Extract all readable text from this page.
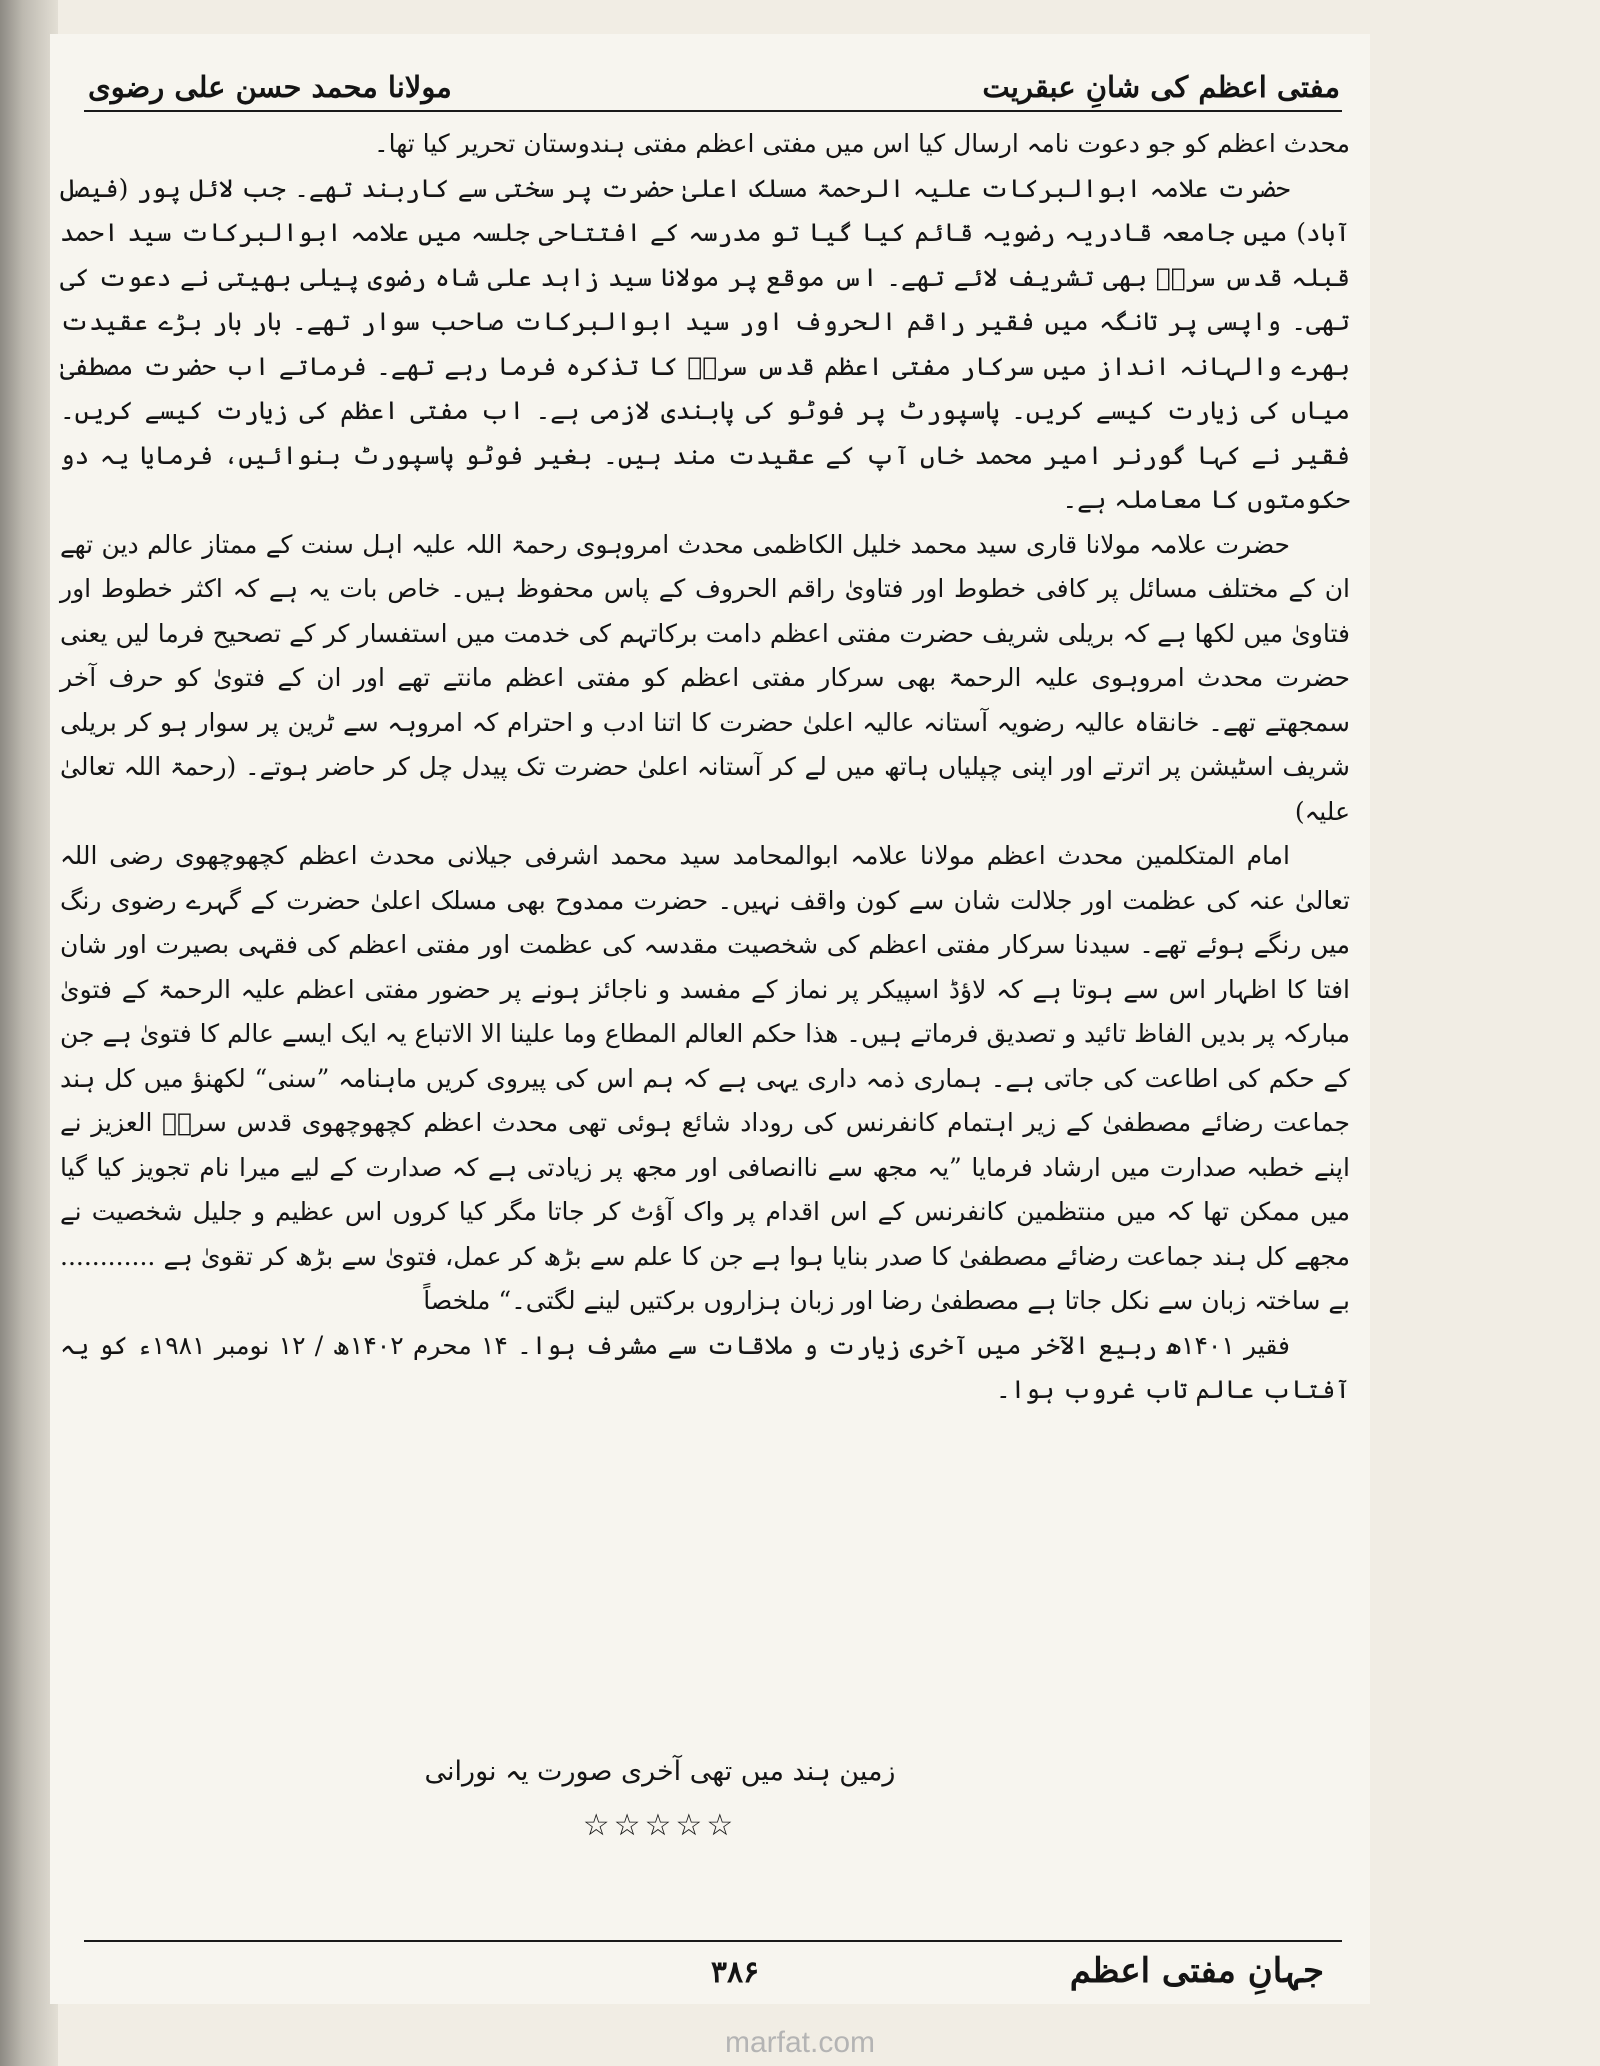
مفتی اعظم کی شانِ عبقریت
مولانا محمد حسن علی رضوی

محدث اعظم کو جو دعوت نامہ ارسال کیا اس میں مفتی اعظم مفتی ہندوستان تحریر کیا تھا۔

حضرت علامہ ابوالبرکات علیہ الرحمۃ مسلک اعلیٰ حضرت پر سختی سے کاربند تھے۔ جب لائل پور (فیصل آباد) میں جامعہ قادریہ رضویہ قائم کیا گیا تو مدرسہ کے افتتاحی جلسہ میں علامہ ابوالبرکات سید احمد قبلہ قدس سرہٗ بھی تشریف لائے تھے۔ اس موقع پر مولانا سید زاہد علی شاہ رضوی پیلی بھیتی نے دعوت کی تھی۔ واپسی پر تانگہ میں فقیر راقم الحروف اور سید ابوالبرکات صاحب سوار تھے۔ بار بار بڑے عقیدت بھرے والہانہ انداز میں سرکار مفتی اعظم قدس سرہٗ کا تذکرہ فرما رہے تھے۔ فرماتے اب حضرت مصطفیٰ میاں کی زیارت کیسے کریں۔ پاسپورٹ پر فوٹو کی پابندی لازمی ہے۔ اب مفتی اعظم کی زیارت کیسے کریں۔ فقیر نے کہا گورنر امیر محمد خاں آپ کے عقیدت مند ہیں۔ بغیر فوٹو پاسپورٹ بنوائیں، فرمایا یہ دو حکومتوں کا معاملہ ہے۔

حضرت علامہ مولانا قاری سید محمد خلیل الکاظمی محدث امروہوی رحمۃ اللہ علیہ اہل سنت کے ممتاز عالم دین تھے ان کے مختلف مسائل پر کافی خطوط اور فتاویٰ راقم الحروف کے پاس محفوظ ہیں۔ خاص بات یہ ہے کہ اکثر خطوط اور فتاویٰ میں لکھا ہے کہ بریلی شریف حضرت مفتی اعظم دامت برکاتہم کی خدمت میں استفسار کر کے تصحیح فرما لیں یعنی حضرت محدث امروہوی علیہ الرحمۃ بھی سرکار مفتی اعظم کو مفتی اعظم مانتے تھے اور ان کے فتویٰ کو حرف آخر سمجھتے تھے۔ خانقاہ عالیہ رضویہ آستانہ عالیہ اعلیٰ حضرت کا اتنا ادب و احترام کہ امروہہ سے ٹرین پر سوار ہو کر بریلی شریف اسٹیشن پر اترتے اور اپنی چپلیاں ہاتھ میں لے کر آستانہ اعلیٰ حضرت تک پیدل چل کر حاضر ہوتے۔ (رحمۃ اللہ تعالیٰ علیہ)

امام المتکلمین محدث اعظم مولانا علامہ ابوالمحامد سید محمد اشرفی جیلانی محدث اعظم کچھوچھوی رضی اللہ تعالیٰ عنہ کی عظمت اور جلالت شان سے کون واقف نہیں۔ حضرت ممدوح بھی مسلک اعلیٰ حضرت کے گہرے رضوی رنگ میں رنگے ہوئے تھے۔ سیدنا سرکار مفتی اعظم کی شخصیت مقدسہ کی عظمت اور مفتی اعظم کی فقہی بصیرت اور شان افتا کا اظہار اس سے ہوتا ہے کہ لاؤڈ اسپیکر پر نماز کے مفسد و ناجائز ہونے پر حضور مفتی اعظم علیہ الرحمۃ کے فتویٰ مبارکہ پر بدیں الفاظ تائید و تصدیق فرماتے ہیں۔ ھذا حکم العالم المطاع وما علینا الا الاتباع یہ ایک ایسے عالم کا فتویٰ ہے جن کے حکم کی اطاعت کی جاتی ہے۔ ہماری ذمہ داری یہی ہے کہ ہم اس کی پیروی کریں ماہنامہ ”سنی“ لکھنؤ میں کل ہند جماعت رضائے مصطفیٰ کے زیر اہتمام کانفرنس کی روداد شائع ہوئی تھی محدث اعظم کچھوچھوی قدس سرہٗ العزیز نے اپنے خطبہ صدارت میں ارشاد فرمایا ”یہ مجھ سے ناانصافی اور مجھ پر زیادتی ہے کہ صدارت کے لیے میرا نام تجویز کیا گیا میں ممکن تھا کہ میں منتظمین کانفرنس کے اس اقدام پر واک آؤٹ کر جاتا مگر کیا کروں اس عظیم و جلیل شخصیت نے مجھے کل ہند جماعت رضائے مصطفیٰ کا صدر بنایا ہوا ہے جن کا علم سے بڑھ کر عمل، فتویٰ سے بڑھ کر تقویٰ ہے ............ بے ساختہ زبان سے نکل جاتا ہے مصطفیٰ رضا اور زبان ہزاروں برکتیں لینے لگتی۔“ ملخصاً

فقیر ۱۴۰۱ھ ربیع الآخر میں آخری زیارت و ملاقات سے مشرف ہوا۔ ۱۴ محرم ۱۴۰۲ھ / ۱۲ نومبر ۱۹۸۱ء کو یہ آفتاب عالم تاب غروب ہوا۔

زمین ہند میں تھی آخری صورت یہ نورانی
☆☆☆☆☆
جہانِ مفتی اعظم
۳۸۶
marfat.com
